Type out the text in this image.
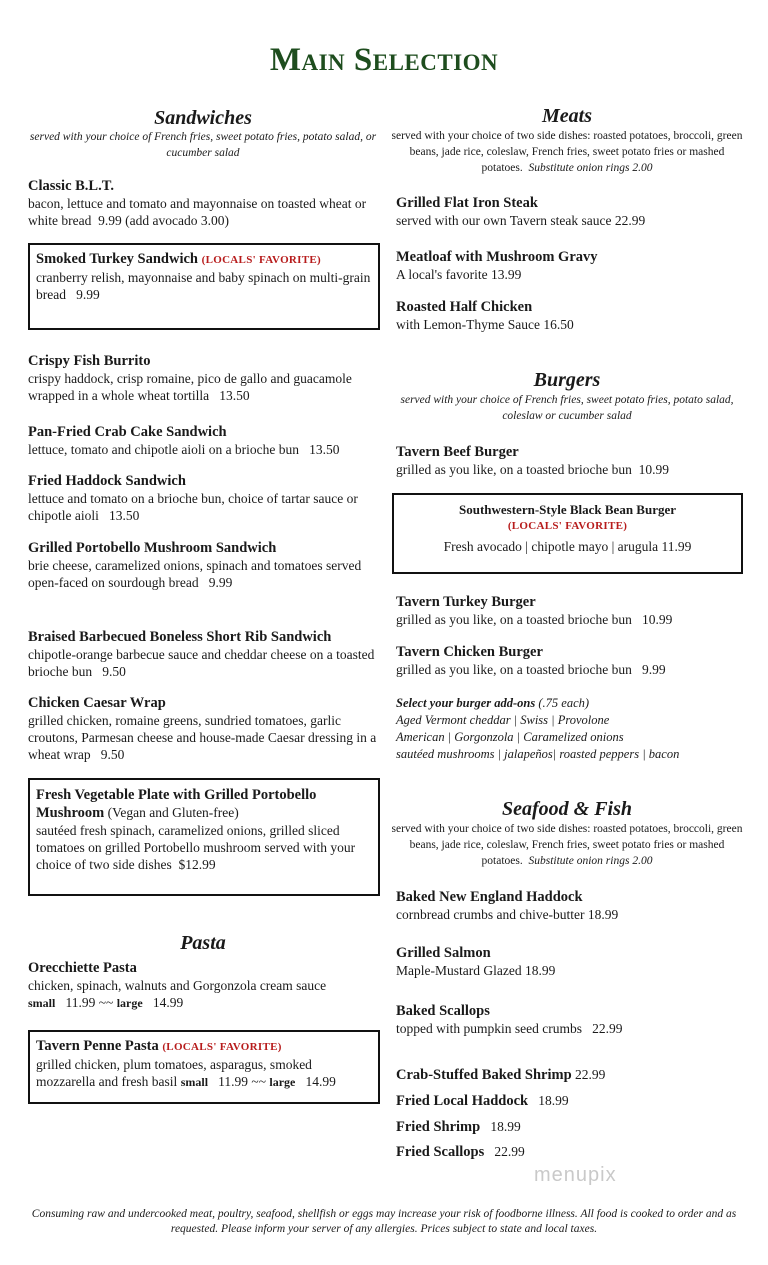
Main Selection
Sandwiches
served with your choice of French fries, sweet potato fries, potato salad, or cucumber salad
Classic B.L.T.
bacon, lettuce and tomato and mayonnaise on toasted wheat or white bread 9.99 (add avocado 3.00)
Smoked Turkey Sandwich (LOCALS' FAVORITE)
cranberry relish, mayonnaise and baby spinach on multi-grain bread 9.99
Crispy Fish Burrito
crispy haddock, crisp romaine, pico de gallo and guacamole wrapped in a whole wheat tortilla 13.50
Pan-Fried Crab Cake Sandwich
lettuce, tomato and chipotle aioli on a brioche bun 13.50
Fried Haddock Sandwich
lettuce and tomato on a brioche bun, choice of tartar sauce or chipotle aioli 13.50
Grilled Portobello Mushroom Sandwich
brie cheese, caramelized onions, spinach and tomatoes served open-faced on sourdough bread 9.99
Braised Barbecued Boneless Short Rib Sandwich
chipotle-orange barbecue sauce and cheddar cheese on a toasted brioche bun 9.50
Chicken Caesar Wrap
grilled chicken, romaine greens, sundried tomatoes, garlic croutons, Parmesan cheese and house-made Caesar dressing in a wheat wrap 9.50
Fresh Vegetable Plate with Grilled Portobello Mushroom (Vegan and Gluten-free)
sautéed fresh spinach, caramelized onions, grilled sliced tomatoes on grilled Portobello mushroom served with your choice of two side dishes $12.99
Pasta
Orecchiette Pasta
chicken, spinach, walnuts and Gorgonzola cream sauce
small 11.99 ~~ large 14.99
Tavern Penne Pasta (LOCALS' FAVORITE)
grilled chicken, plum tomatoes, asparagus, smoked mozzarella and fresh basil small 11.99 ~~ large 14.99
Meats
served with your choice of two side dishes: roasted potatoes, broccoli, green beans, jade rice, coleslaw, French fries, sweet potato fries or mashed potatoes. Substitute onion rings 2.00
Grilled Flat Iron Steak
served with our own Tavern steak sauce 22.99
Meatloaf with Mushroom Gravy
A local's favorite 13.99
Roasted Half Chicken
with Lemon-Thyme Sauce 16.50
Burgers
served with your choice of French fries, sweet potato fries, potato salad, coleslaw or cucumber salad
Tavern Beef Burger
grilled as you like, on a toasted brioche bun 10.99
Southwestern-Style Black Bean Burger
(LOCALS' FAVORITE)
Fresh avocado | chipotle mayo | arugula 11.99
Tavern Turkey Burger
grilled as you like, on a toasted brioche bun 10.99
Tavern Chicken Burger
grilled as you like, on a toasted brioche bun 9.99
Select your burger add-ons (.75 each)
Aged Vermont cheddar | Swiss | Provolone
American | Gorgonzola | Caramelized onions
sautéed mushrooms | jalapeños| roasted peppers | bacon
Seafood & Fish
served with your choice of two side dishes: roasted potatoes, broccoli, green beans, jade rice, coleslaw, French fries, sweet potato fries or mashed potatoes. Substitute onion rings 2.00
Baked New England Haddock
cornbread crumbs and chive-butter 18.99
Grilled Salmon
Maple-Mustard Glazed 18.99
Baked Scallops
topped with pumpkin seed crumbs 22.99
Crab-Stuffed Baked Shrimp 22.99
Fried Local Haddock 18.99
Fried Shrimp 18.99
Fried Scallops 22.99
menupix
Consuming raw and undercooked meat, poultry, seafood, shellfish or eggs may increase your risk of foodborne illness. All food is cooked to order and as requested. Please inform your server of any allergies. Prices subject to state and local taxes.
